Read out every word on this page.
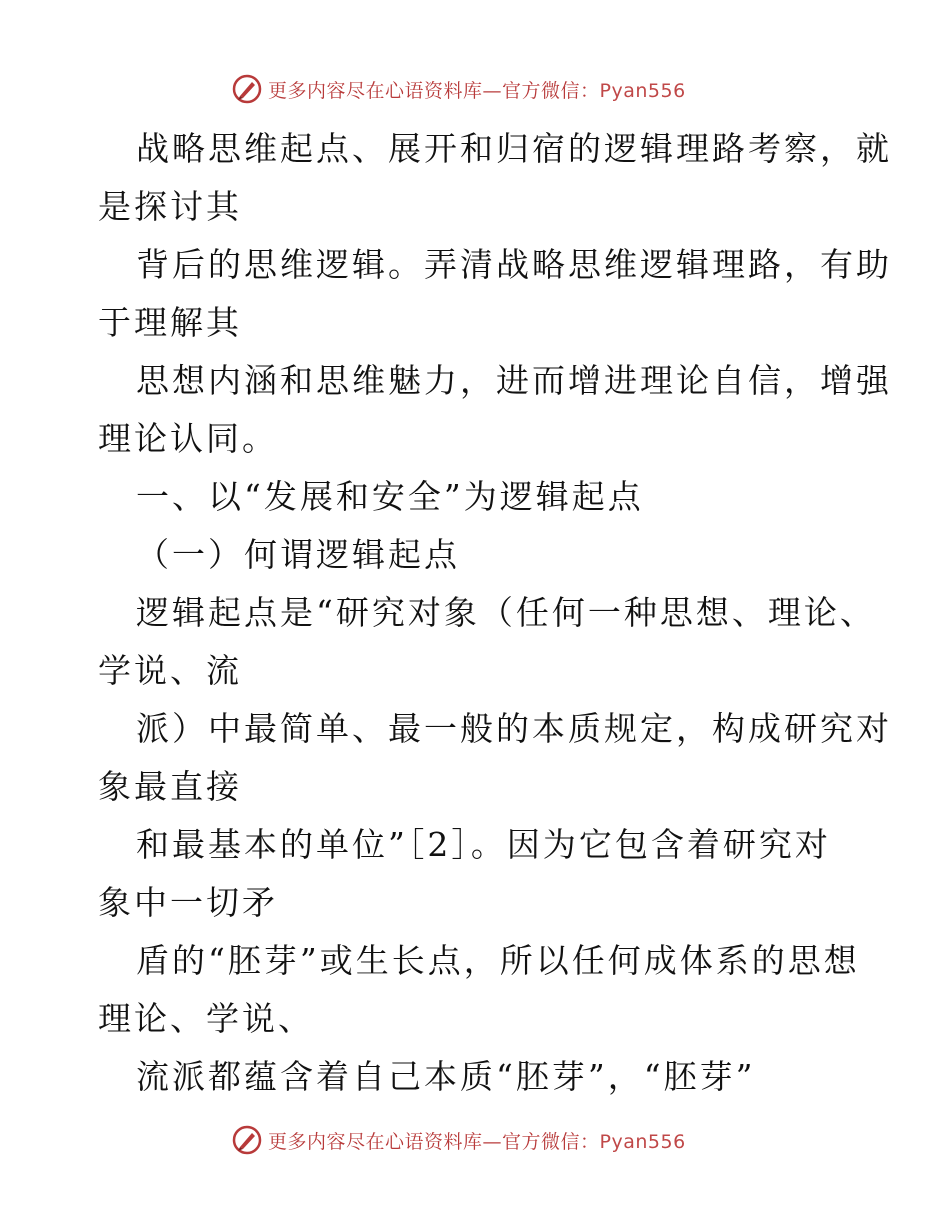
更多内容尽在心语资料库—官方微信：Pyan556
战略思维起点、展开和归宿的逻辑理路考察，就
是探讨其
背后的思维逻辑。弄清战略思维逻辑理路，有助
于理解其
思想内涵和思维魅力，进而增进理论自信，增强
理论认同。
一、以“发展和安全”为逻辑起点
（一）何谓逻辑起点
逻辑起点是“研究对象（任何一种思想、理论、
学说、流
派）中最简单、最一般的本质规定，构成研究对
象最直接
和最基本的单位”［2］。因为它包含着研究对
象中一切矛
盾的“胚芽”或生长点，所以任何成体系的思想
理论、学说、
流派都蕴含着自己本质“胚芽”，“胚芽”
更多内容尽在心语资料库—官方微信：Pyan556
